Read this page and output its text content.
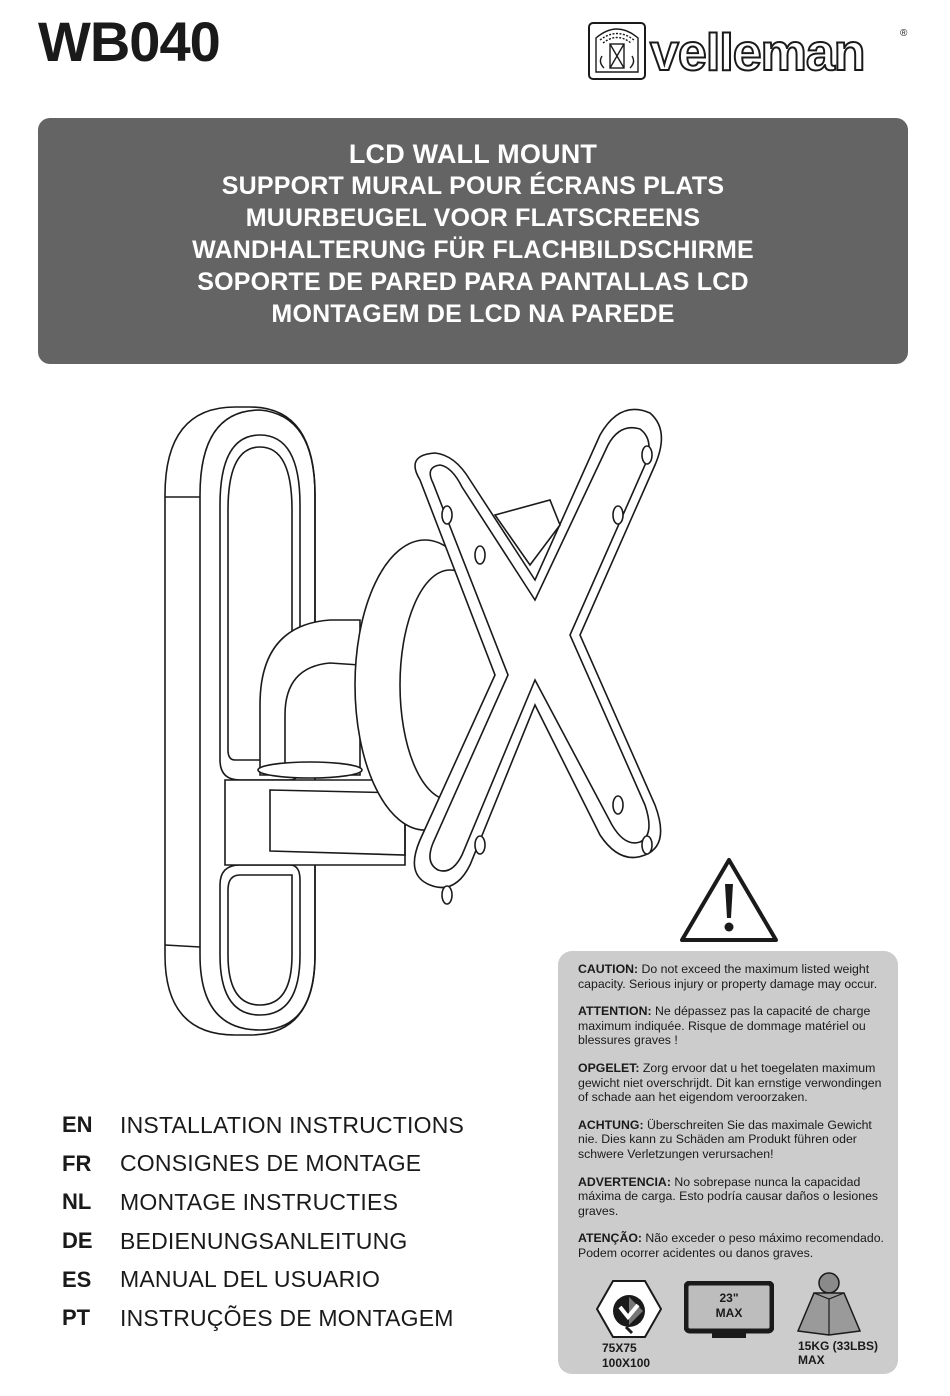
WB040	velleman	®
LCD WALL MOUNT
SUPPORT MURAL POUR ÉCRANS PLATS
MUURBEUGEL VOOR FLATSCREENS
WANDHALTERUNG FÜR FLACHBILDSCHIRME
SOPORTE DE PARED PARA PANTALLAS LCD
MONTAGEM DE LCD NA PAREDE

CAUTION: Do not exceed the maximum listed weight capacity. Serious injury or property damage may occur.

ATTENTION: Ne dépassez pas la capacité de charge maximum indiquée. Risque de dommage matériel ou blessures graves !

OPGELET: Zorg ervoor dat u het toegelaten maximum gewicht niet overschrijdt. Dit kan ernstige verwondingen of schade aan het eigendom veroorzaken.

ACHTUNG: Überschreiten Sie das maximale Gewicht nie. Dies kann zu Schäden am Produkt führen oder schwere Verletzungen verursachen!

ADVERTENCIA: No sobrepase nunca la capacidad máxima de carga. Esto podría causar daños o lesiones graves.

ATENÇÃO: Não exceder o peso máximo recomendado. Podem ocorrer acidentes ou danos graves.

75X75
100X100
23"
MAX
15KG (33LBS)
MAX
EN	INSTALLATION INSTRUCTIONS
FR	CONSIGNES DE MONTAGE
NL	MONTAGE INSTRUCTIES
DE	BEDIENUNGSANLEITUNG
ES	MANUAL DEL USUARIO
PT	INSTRUÇÕES DE MONTAGEM
